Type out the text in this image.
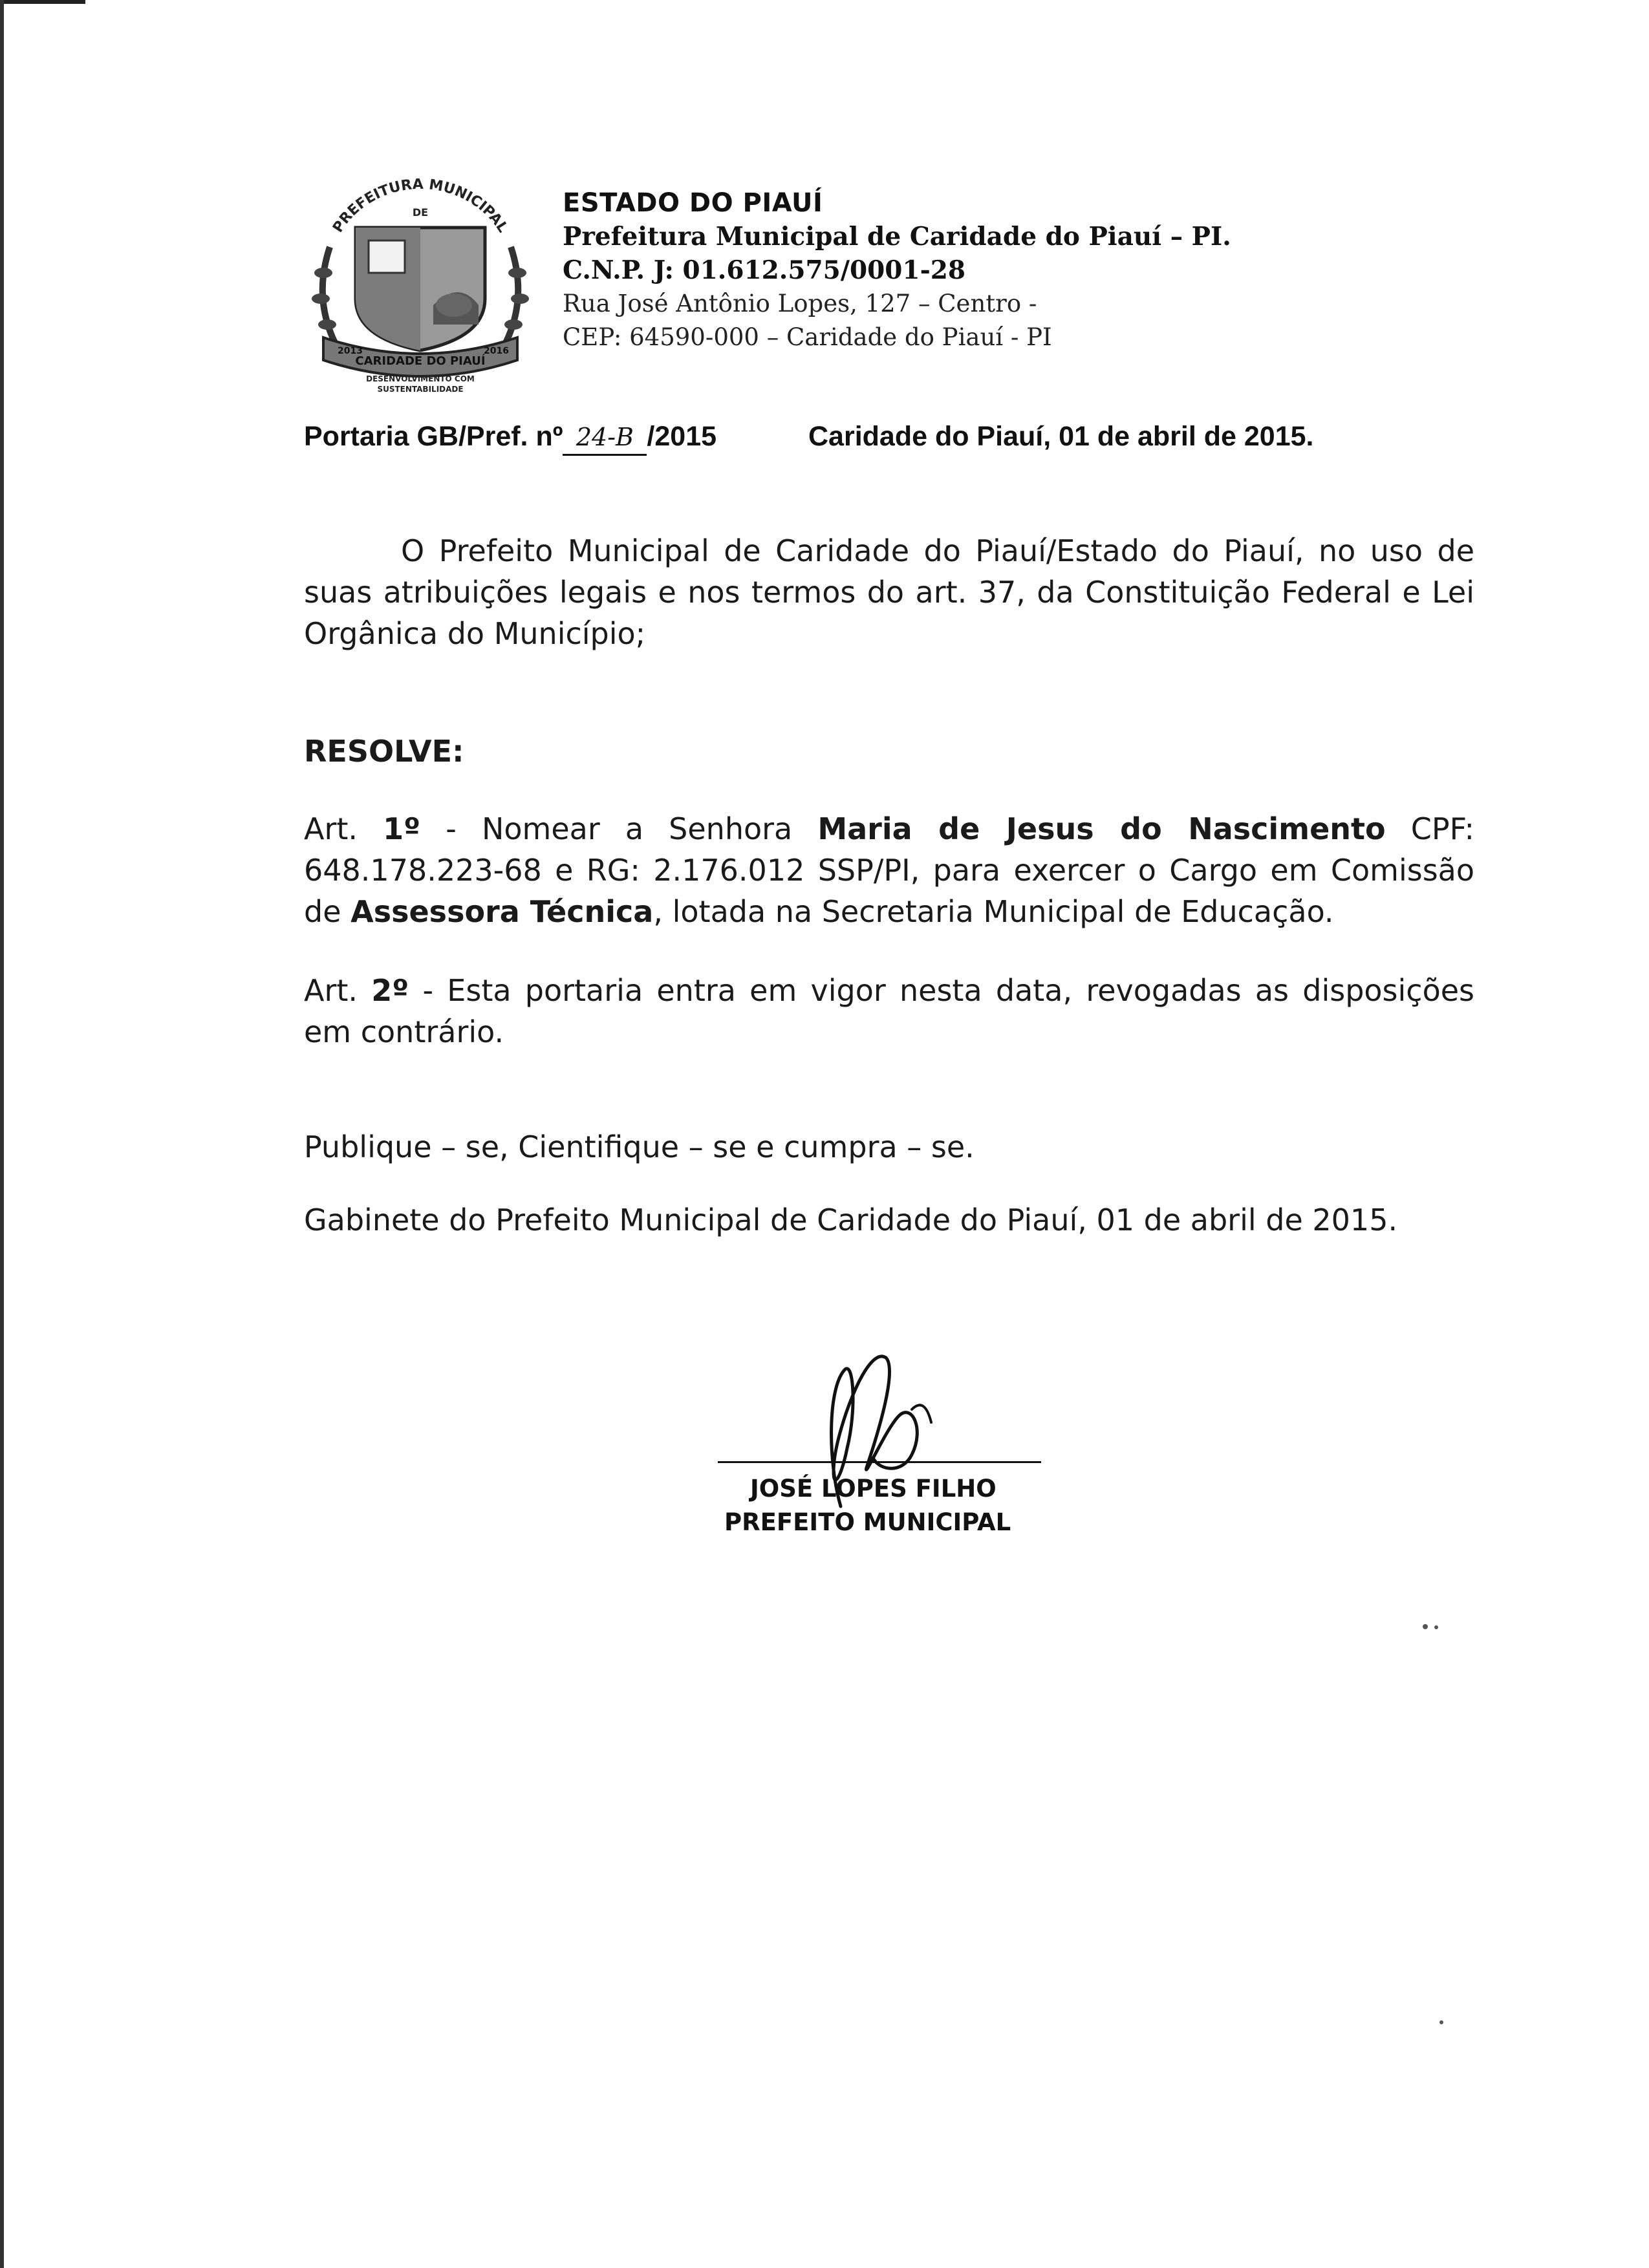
PREFEITURA MUNICIPAL
DE
CARIDADE DO PIAUÍ
2013	2016
DESENVOLVIMENTO COM
SUSTENTABILIDADE
ESTADO DO PIAUÍ
Prefeitura Municipal de Caridade do Piauí – PI.
C.N.P. J: 01.612.575/0001-28
Rua José Antônio Lopes, 127 – Centro -
CEP: 64590-000 – Caridade do Piauí - PI
Portaria GB/Pref. nº 24-B /2015	Caridade do Piauí, 01 de abril de 2015.
O Prefeito Municipal de Caridade do Piauí/Estado do Piauí, no uso de suas atribuições legais e nos termos do art. 37, da Constituição Federal e Lei Orgânica do Município;
RESOLVE:
Art. 1º - Nomear a Senhora Maria de Jesus do Nascimento CPF: 648.178.223-68 e RG: 2.176.012 SSP/PI, para exercer o Cargo em Comissão de Assessora Técnica, lotada na Secretaria Municipal de Educação.
Art. 2º - Esta portaria entra em vigor nesta data, revogadas as disposições em contrário.
Publique – se, Cientifique – se e cumpra – se.
Gabinete do Prefeito Municipal de Caridade do Piauí, 01 de abril de 2015.
JOSÉ LOPES FILHO
PREFEITO MUNICIPAL
